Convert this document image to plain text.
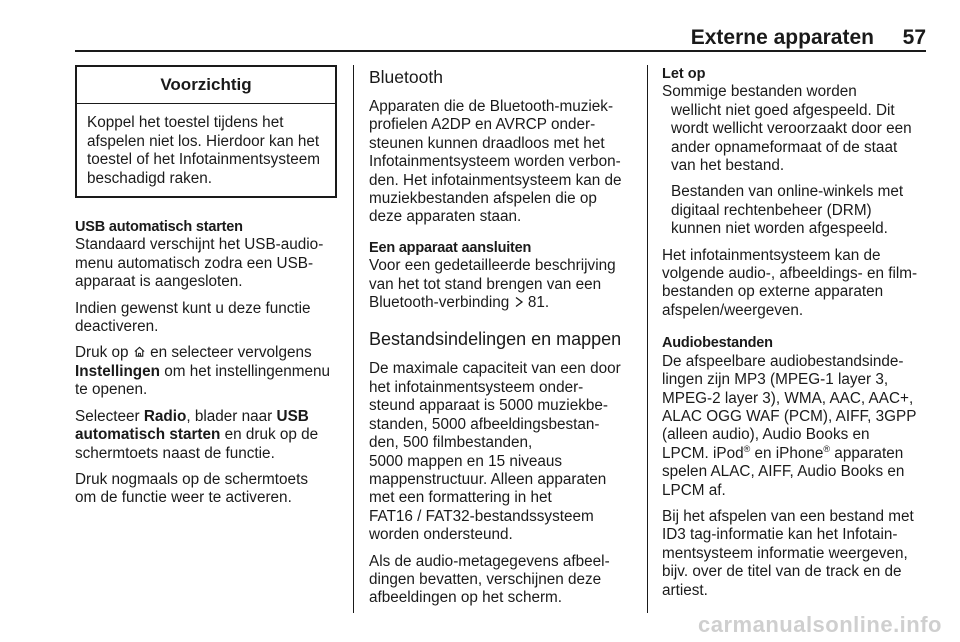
Externe apparaten 57
Voorzichtig
Koppel het toestel tijdens het
afspelen niet los. Hierdoor kan het
toestel of het Infotainmentsysteem
beschadigd raken.
USB automatisch starten

Standaard verschijnt het USB-audio-
menu automatisch zodra een USB-
apparaat is aangesloten.

Indien gewenst kunt u deze functie
deactiveren.

Druk op en selecteer vervolgens
Instellingen om het instellingenmenu
te openen.

Selecteer Radio, blader naar USB
automatisch starten en druk op de
schermtoets naast de functie.

Druk nogmaals op de schermtoets
om de functie weer te activeren.

Bluetooth

Apparaten die de Bluetooth-muziek-
profielen A2DP en AVRCP onder-
steunen kunnen draadloos met het
Infotainmentsysteem worden verbon-
den. Het infotainmentsysteem kan de
muziekbestanden afspelen die op
deze apparaten staan.

Een apparaat aansluiten

Voor een gedetailleerde beschrijving
van het tot stand brengen van een
Bluetooth-verbinding 81.

Bestandsindelingen en mappen

De maximale capaciteit van een door
het infotainmentsysteem onder-
steund apparaat is 5000 muziekbe-
standen, 5000 afbeeldingsbestan-
den, 500 filmbestanden,
5000 mappen en 15 niveaus
mappenstructuur. Alleen apparaten
met een formattering in het
FAT16 / FAT32-bestandssysteem
worden ondersteund.

Als de audio-metagegevens afbeel-
dingen bevatten, verschijnen deze
afbeeldingen op het scherm.

Let op

Sommige bestanden worden
wellicht niet goed afgespeeld. Dit
wordt wellicht veroorzaakt door een
ander opnameformaat of de staat
van het bestand.

Bestanden van online-winkels met
digitaal rechtenbeheer (DRM)
kunnen niet worden afgespeeld.

Het infotainmentsysteem kan de
volgende audio-, afbeeldings- en film-
bestanden op externe apparaten
afspelen/weergeven.

Audiobestanden

De afspeelbare audiobestandsinde-
lingen zijn MP3 (MPEG-1 layer 3,
MPEG-2 layer 3), WMA, AAC, AAC+,
ALAC OGG WAF (PCM), AIFF, 3GPP
(alleen audio), Audio Books en
LPCM. iPod® en iPhone® apparaten
spelen ALAC, AIFF, Audio Books en
LPCM af.

Bij het afspelen van een bestand met
ID3 tag-informatie kan het Infotain-
mentsysteem informatie weergeven,
bijv. over de titel van de track en de
artiest.

carmanualsonline.info
